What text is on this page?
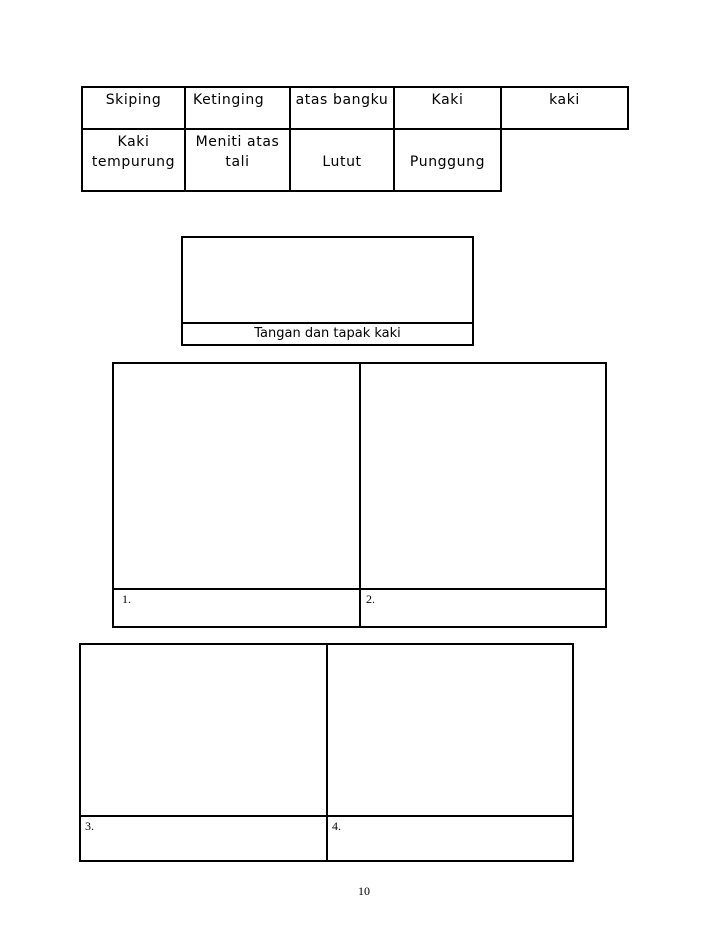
Skiping	Ketinging	atas bangku	Kaki	kaki
Kaki tempurung	Meniti atas tali	Lutut	Punggung	
Tangan dan tapak kaki
1.	2.
3.	4.
10
